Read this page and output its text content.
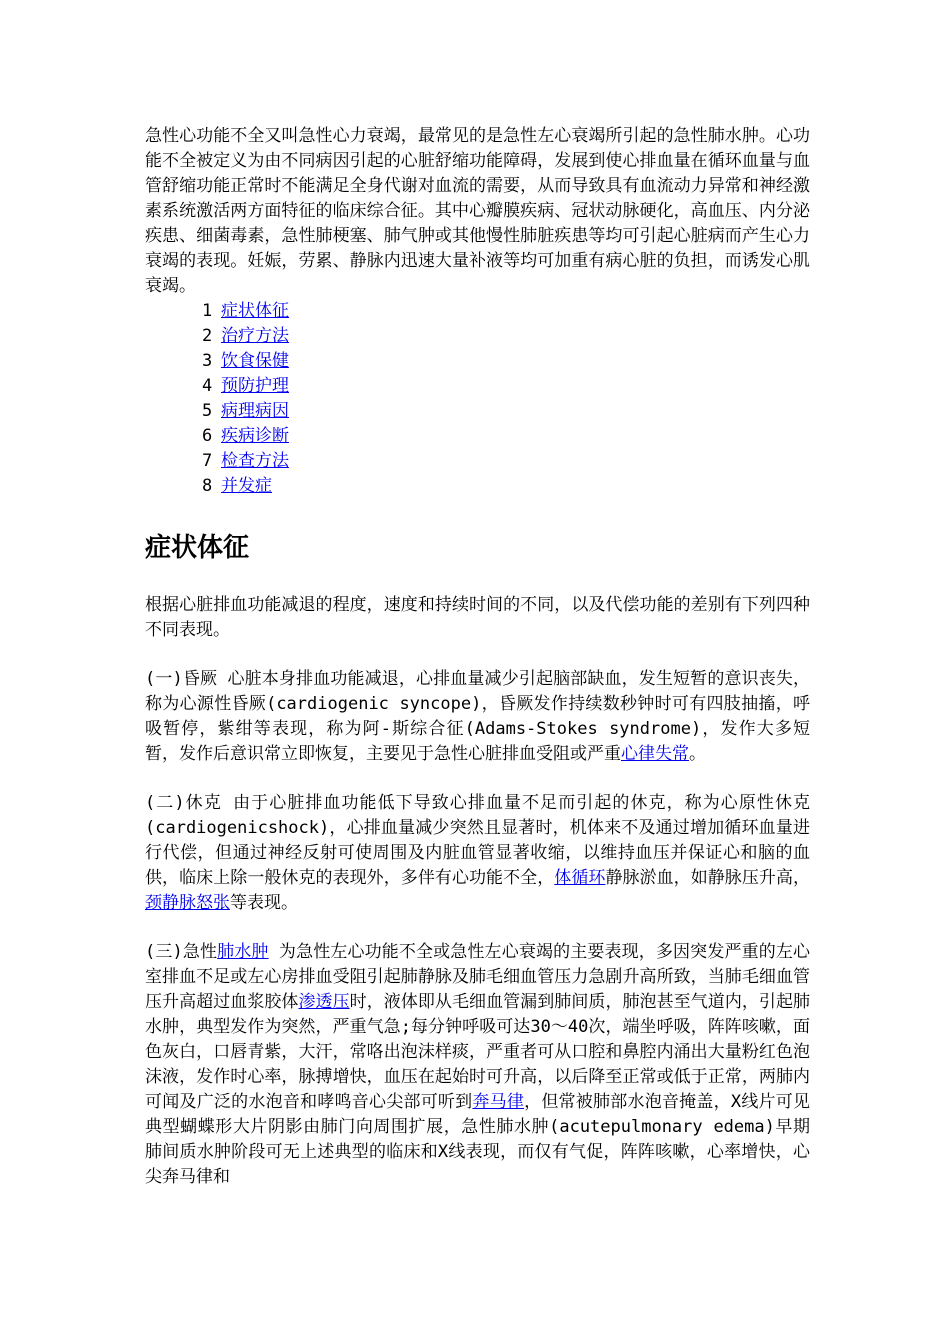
急性心功能不全又叫急性心力衰竭，最常见的是急性左心衰竭所引起的急性肺水肿。心功能不全被定义为由不同病因引起的心脏舒缩功能障碍，发展到使心排血量在循环血量与血管舒缩功能正常时不能满足全身代谢对血流的需要，从而导致具有血流动力异常和神经激素系统激活两方面特征的临床综合征。其中心瓣膜疾病、冠状动脉硬化，高血压、内分泌疾患、细菌毒素，急性肺梗塞、肺气肿或其他慢性肺脏疾患等均可引起心脏病而产生心力衰竭的表现。妊娠，劳累、静脉内迅速大量补液等均可加重有病心脏的负担，而诱发心肌衰竭。

1 症状体征
2 治疗方法
3 饮食保健
4 预防护理
5 病理病因
6 疾病诊断
7 检查方法
8 并发症
症状体征

根据心脏排血功能减退的程度，速度和持续时间的不同，以及代偿功能的差别有下列四种不同表现。

(一)昏厥 心脏本身排血功能减退，心排血量减少引起脑部缺血，发生短暂的意识丧失，称为心源性昏厥(cardiogenic syncope)，昏厥发作持续数秒钟时可有四肢抽搐，呼吸暂停，紫绀等表现，称为阿-斯综合征(Adams-Stokes syndrome)，发作大多短暂，发作后意识常立即恢复，主要见于急性心脏排血受阻或严重心律失常。

(二)休克 由于心脏排血功能低下导致心排血量不足而引起的休克，称为心原性休克(cardiogenicshock)，心排血量减少突然且显著时，机体来不及通过增加循环血量进行代偿，但通过神经反射可使周围及内脏血管显著收缩，以维持血压并保证心和脑的血供，临床上除一般休克的表现外，多伴有心功能不全，体循环静脉淤血，如静脉压升高，颈静脉怒张等表现。

(三)急性肺水肿 为急性左心功能不全或急性左心衰竭的主要表现，多因突发严重的左心室排血不足或左心房排血受阻引起肺静脉及肺毛细血管压力急剧升高所致，当肺毛细血管压升高超过血浆胶体渗透压时，液体即从毛细血管漏到肺间质，肺泡甚至气道内，引起肺水肿，典型发作为突然，严重气急;每分钟呼吸可达30～40次，端坐呼吸，阵阵咳嗽，面色灰白，口唇青紫，大汗，常咯出泡沫样痰，严重者可从口腔和鼻腔内涌出大量粉红色泡沫液，发作时心率，脉搏增快，血压在起始时可升高，以后降至正常或低于正常，两肺内可闻及广泛的水泡音和哮鸣音心尖部可听到奔马律，但常被肺部水泡音掩盖，X线片可见典型蝴蝶形大片阴影由肺门向周围扩展，急性肺水肿(acutepulmonary edema)早期肺间质水肿阶段可无上述典型的临床和X线表现，而仅有气促，阵阵咳嗽，心率增快，心尖奔马律和
